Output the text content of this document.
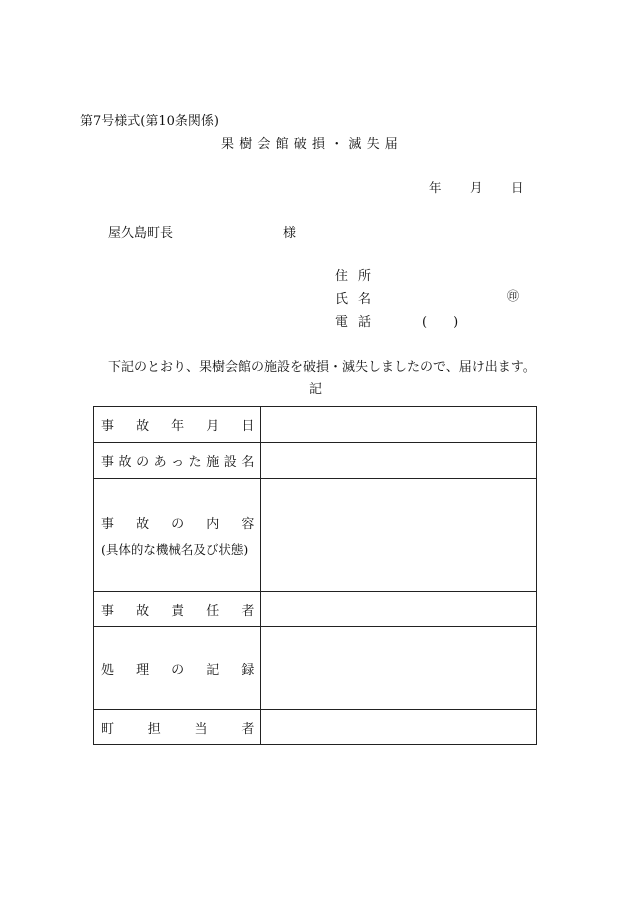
第7号様式(第10条関係)
果樹会館破損・滅失届
年 月 日
屋久島町長	様
住所
氏名	㊞
電話	(　　)
下記のとおり、果樹会館の施設を破損・滅失しましたので、届け出ます。
記
事故年月日	
事故のあった施設名	

事故の内容
(具体的な機械名及び状態)	

事故責任者	
処理の記録	
町担当者	
